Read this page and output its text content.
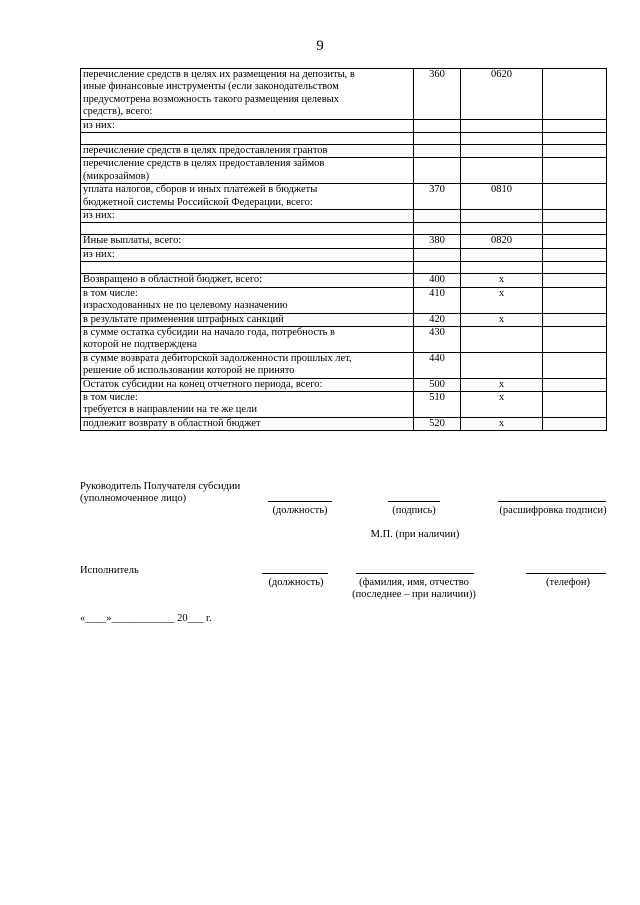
9
перечисление средств в целях их размещения на депозиты, в
иные финансовые инструменты (если законодательством
предусмотрена возможность такого размещения целевых
средств), всего:	360	0620	

из них:			

перечисление средств в целях предоставления грантов			

перечисление средств в целях предоставления займов
(микрозаймов)			

уплата налогов, сборов и иных платежей в бюджеты
бюджетной системы Российской Федерации, всего:	370	0810	

из них:			

Иные выплаты, всего:	380	0820	

из них:			

Возвращено в областной бюджет, всего:	400	x	

в том числе:
израсходованных не по целевому назначению	410	x	

в результате применения штрафных санкций	420	x	

в сумме остатка субсидии на начало года, потребность в
которой не подтверждена	430		

в сумме возврата дебиторской задолженности прошлых лет,
решение об использовании которой не принято	440		

Остаток субсидии на конец отчетного периода, всего:	500	x	

в том числе:
требуется в направлении на те же цели	510	x	

подлежит возврату в областной бюджет	520	x	
Руководитель Получателя субсидии
(уполномоченное лицо)
(должность)	(подпись)	(расшифровка подписи)
М.П. (при наличии)
Исполнитель
(должность)	(фамилия, имя, отчество
(последнее – при наличии))
(телефон)
«____»____________ 20___ г.
